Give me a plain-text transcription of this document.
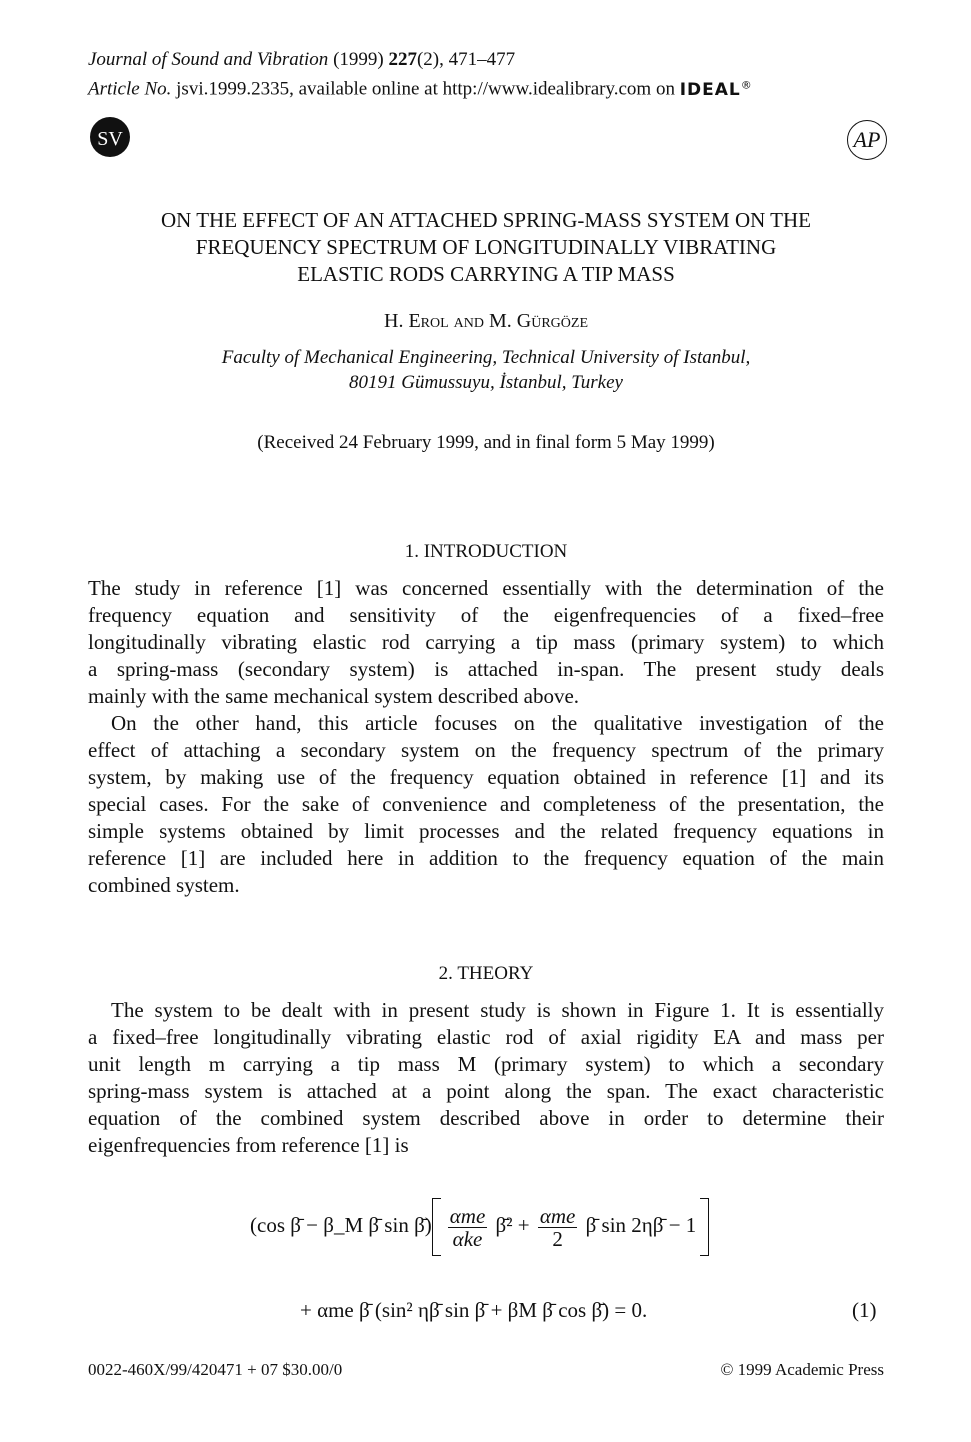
Journal of Sound and Vibration (1999) 227(2), 471–477
Article No. jsvi.1999.2335, available online at http://www.idealibrary.com on IDEAL®
SV	AP
ON THE EFFECT OF AN ATTACHED SPRING-MASS SYSTEM ON THE
FREQUENCY SPECTRUM OF LONGITUDINALLY VIBRATING
ELASTIC RODS CARRYING A TIP MASS
H. Erol and M. Gürgöze
Faculty of Mechanical Engineering, Technical University of Istanbul,
80191 Gümussuyu, İstanbul, Turkey
(Received 24 February 1999, and in final form 5 May 1999)
1. INTRODUCTION
The study in reference [1] was concerned essentially with the determination of the
frequency equation and sensitivity of the eigenfrequencies of a fixed–free
longitudinally vibrating elastic rod carrying a tip mass (primary system) to which
a spring-mass (secondary system) is attached in-span. The present study deals
mainly with the same mechanical system described above.
On the other hand, this article focuses on the qualitative investigation of the
effect of attaching a secondary system on the frequency spectrum of the primary
system, by making use of the frequency equation obtained in reference [1] and its
special cases. For the sake of convenience and completeness of the presentation, the
simple systems obtained by limit processes and the related frequency equations in
reference [1] are included here in addition to the frequency equation of the main
combined system.
2. THEORY
The system to be dealt with in present study is shown in Figure 1. It is essentially
a fixed–free longitudinally vibrating elastic rod of axial rigidity EA and mass per
unit length m carrying a tip mass M (primary system) to which a secondary
spring-mass system is attached at a point along the span. The exact characteristic
equation of the combined system described above in order to determine their
eigenfrequencies from reference [1] is
(cos β̄ − β_M β̄ sin β̄) $\frac{\text{αme}}{\text{αke}}$ β̄² + $\frac{\text{αme}}{2}$ β̄ sin 2ηβ̄ − 1
+ αme β̄ (sin² ηβ̄ sin β̄ + βM β̄ cos β̄) = 0.	(1)
0022-460X/99/420471 + 07 $30.00/0	© 1999 Academic Press
